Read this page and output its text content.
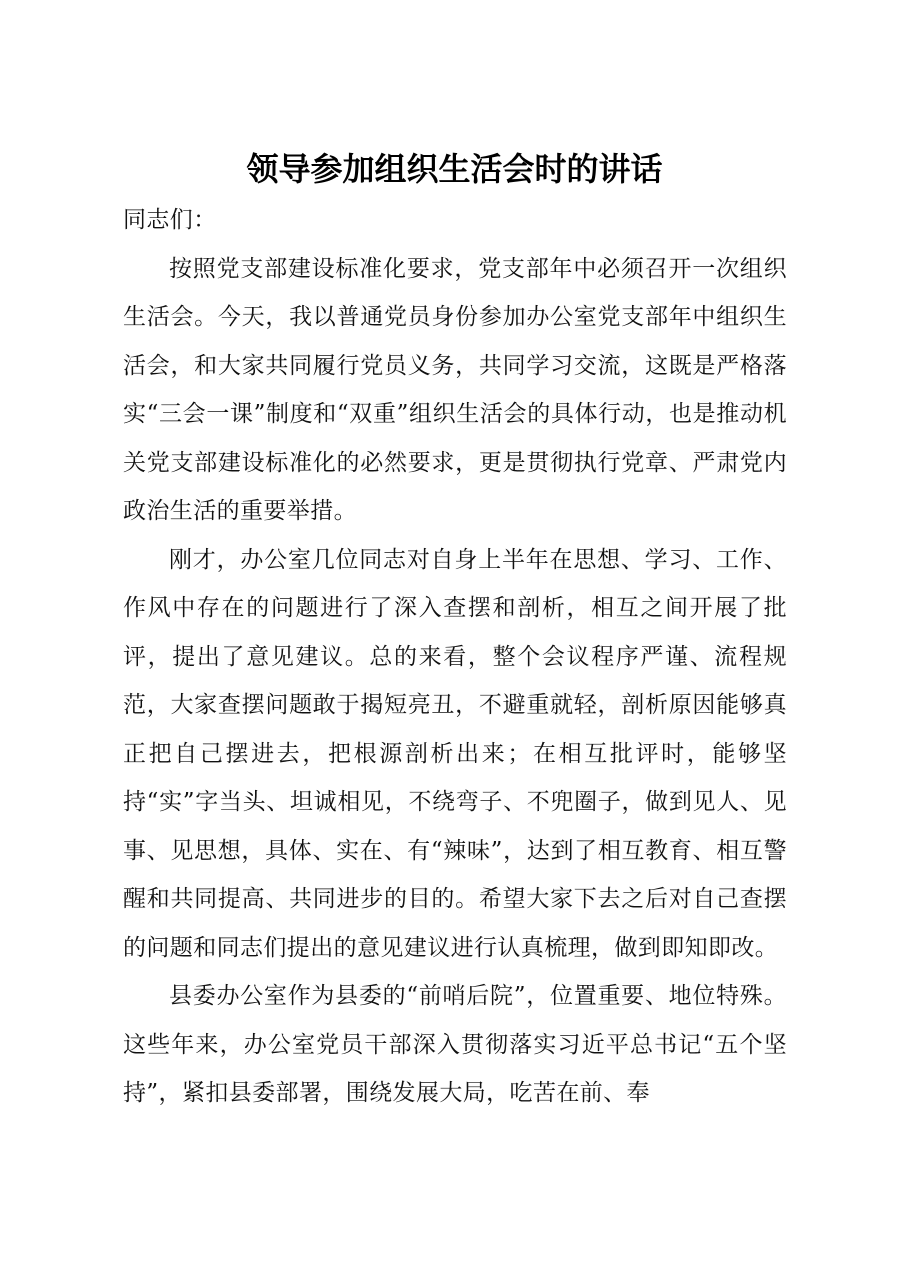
领导参加组织生活会时的讲话

同志们：

按照党支部建设标准化要求，党支部年中必须召开一次组织生活会。今天，我以普通党员身份参加办公室党支部年中组织生活会，和大家共同履行党员义务，共同学习交流，这既是严格落实“三会一课”制度和“双重”组织生活会的具体行动，也是推动机关党支部建设标准化的必然要求，更是贯彻执行党章、严肃党内政治生活的重要举措。

刚才，办公室几位同志对自身上半年在思想、学习、工作、作风中存在的问题进行了深入查摆和剖析，相互之间开展了批评，提出了意见建议。总的来看，整个会议程序严谨、流程规范，大家查摆问题敢于揭短亮丑，不避重就轻，剖析原因能够真正把自己摆进去，把根源剖析出来；在相互批评时，能够坚持“实”字当头、坦诚相见，不绕弯子、不兜圈子，做到见人、见事、见思想，具体、实在、有“辣味”，达到了相互教育、相互警醒和共同提高、共同进步的目的。希望大家下去之后对自己查摆的问题和同志们提出的意见建议进行认真梳理，做到即知即改。

县委办公室作为县委的“前哨后院”，位置重要、地位特殊。这些年来，办公室党员干部深入贯彻落实习近平总书记“五个坚持”，紧扣县委部署，围绕发展大局，吃苦在前、奉
